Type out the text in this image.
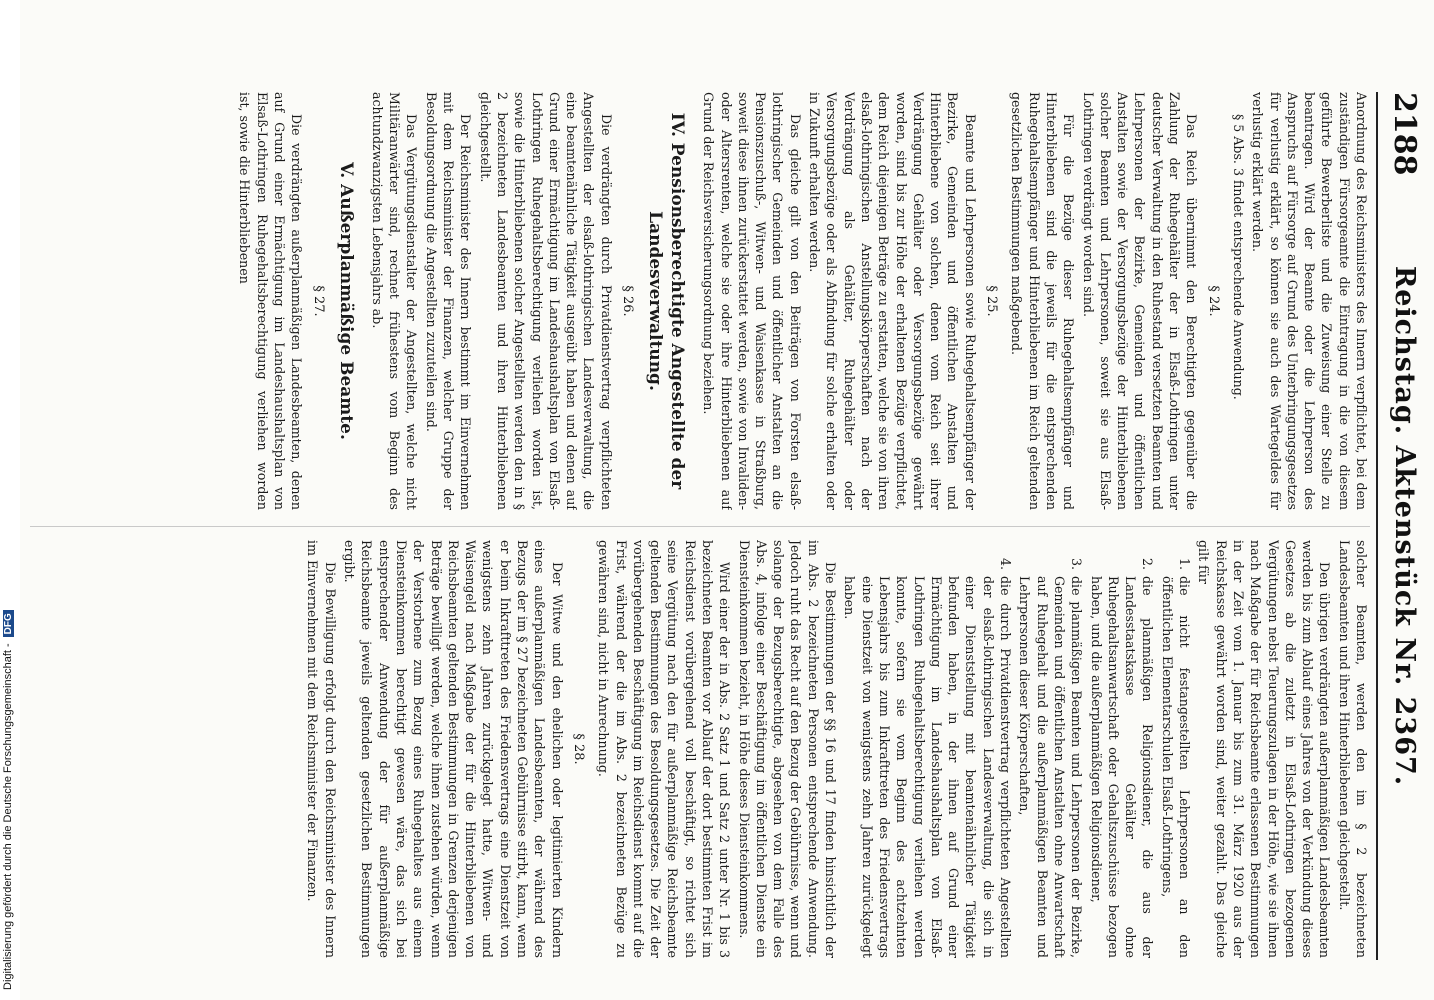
2188
Reichstag. Aktenstück Nr. 2367.

Anordnung des Reichsministers des Innern verpflichtet, bei dem zuständigen Fürsorgeamte die Eintragung in die von diesem geführte Bewerberliste und die Zuweisung einer Stelle zu beantragen. Wird der Beamte oder die Lehrperson des Anspruchs auf Fürsorge auf Grund des Unterbringungsgesetzes für verlustig erklärt, so können sie auch des Wartegeldes für verlustig erklärt werden.

§ 5 Abs. 3 findet entsprechende Anwendung.

§ 24.

Das Reich übernimmt den Berechtigten gegenüber die Zahlung der Ruhegehälter der in Elsaß-Lothringen unter deutscher Verwaltung in den Ruhestand versetzten Beamten und Lehrpersonen der Bezirke, Gemeinden und öffentlichen Anstalten sowie der Versorgungsbezüge der Hinterbliebenen solcher Beamten und Lehrpersonen, soweit sie aus Elsaß-Lothringen verdrängt worden sind.

Für die Bezüge dieser Ruhegehaltsempfänger und Hinterbliebenen sind die jeweils für die entsprechenden Ruhegehaltsempfänger und Hinterbliebenen im Reich geltenden gesetzlichen Bestimmungen maßgebend.

§ 25.

Beamte und Lehrpersonen sowie Ruhegehaltsempfänger der Bezirke, Gemeinden und öffentlichen Anstalten und Hinterbliebene von solchen, denen vom Reich seit ihrer Verdrängung Gehälter oder Versorgungsbezüge gewährt worden, sind bis zur Höhe der erhaltenen Bezüge verpflichtet, dem Reich diejenigen Beträge zu erstatten, welche sie von ihren elsaß-lothringischen Anstellungskörperschaften nach der Verdrängung als Gehälter, Ruhegehälter oder Versorgungsbezüge oder als Abfindung für solche erhalten oder in Zukunft erhalten werden.

Das gleiche gilt von den Beiträgen von Forsten elsaß-lothringischer Gemeinden und öffentlicher Anstalten an die Pensionszuschuß-, Witwen- und Waisenkasse in Straßburg, soweit diese ihnen zurückerstattet werden, sowie von Invaliden- oder Altersrenten, welche sie oder ihre Hinterbliebenen auf Grund der Reichsversicherungsordnung beziehen.

IV. Pensionsberechtigte Angestellte der Landesverwaltung.
§ 26.

Die verdrängten durch Privatdienstvertrag verpflichteten Angestellten der elsaß-lothringischen Landesverwaltung, die eine beamtenähnliche Tätigkeit ausgeübt haben und denen auf Grund einer Ermächtigung im Landeshaushaltsplan von Elsaß-Lothringen Ruhegehaltsberechtigung verliehen worden ist, sowie die Hinterbliebenen solcher Angestellten werden den in § 2 bezeichneten Landesbeamten und ihren Hinterbliebenen gleichgestellt.

Der Reichsminister des Innern bestimmt im Einvernehmen mit dem Reichsminister der Finanzen, welcher Gruppe der Besoldungsordnung die Angestellten zuzuteilen sind.

Das Vergütungsdienstalter der Angestellten, welche nicht Militäranwärter sind, rechnet frühestens vom Beginn des achtundzwanzigsten Lebensjahrs ab.

V. Außerplanmäßige Beamte.
§ 27.

Die verdrängten außerplanmäßigen Landesbeamten, denen auf Grund einer Ermächtigung im Landeshaushaltsplan von Elsaß-Lothringen Ruhegehaltsberechtigung verliehen worden ist, sowie die Hinterbliebenen

solcher Beamten, werden den im § 2 bezeichneten Landesbeamten und ihren Hinterbliebenen gleichgestellt.

Den übrigen verdrängten außerplanmäßigen Landesbeamten werden bis zum Ablauf eines Jahres von der Verkündung dieses Gesetzes ab die zuletzt in Elsaß-Lothringen bezogenen Vergütungen nebst Teuerungszulagen in der Höhe, wie sie ihnen nach Maßgabe der für Reichsbeamte erlassenen Bestimmungen in der Zeit vom 1. Januar bis zum 31. März 1920 aus der Reichskasse gewährt worden sind, weiter gezahlt. Das gleiche gilt für

1. die nicht festangestellten Lehrpersonen an den öffentlichen Elementarschulen Elsaß-Lothringens,
2. die planmäßigen Religionsdiener, die aus der Landesstaatskasse Gehälter ohne Ruhegehaltsanwartschaft oder Gehaltszuschüsse bezogen haben, und die außerplanmäßigen Religionsdiener,
3. die planmäßigen Beamten und Lehrpersonen der Bezirke, Gemeinden und öffentlichen Anstalten ohne Anwartschaft auf Ruhegehalt und die außerplanmäßigen Beamten und Lehrpersonen dieser Körperschaften,
4. die durch Privatdienstvertrag verpflichteten Angestellten der elsaß-lothringischen Landesverwaltung, die sich in einer Dienststellung mit beamtenähnlicher Tätigkeit befunden haben, in der ihnen auf Grund einer Ermächtigung im Landeshaushaltsplan von Elsaß-Lothringen Ruhegehaltsberechtigung verliehen werden konnte, sofern sie vom Beginn des achtzehnten Lebensjahrs bis zum Inkrafttreten des Friedensvertrags eine Dienstzeit von wenigstens zehn Jahren zurückgelegt haben.

Die Bestimmungen der §§ 16 und 17 finden hinsichtlich der im Abs. 2 bezeichneten Personen entsprechende Anwendung. Jedoch ruht das Recht auf den Bezug der Gebührnisse, wenn und solange der Bezugsberechtigte, abgesehen von dem Falle des Abs. 4, infolge einer Beschäftigung im öffentlichen Dienste ein Diensteinkommen bezieht, in Höhe dieses Diensteinkommens.

Wird einer der in Abs. 2 Satz 1 und Satz 2 unter Nr. 1 bis 3 bezeichneten Beamten vor Ablauf der dort bestimmten Frist im Reichsdienst vorübergehend voll beschäftigt, so richtet sich seine Vergütung nach den für außerplanmäßige Reichsbeamte geltenden Bestimmungen des Besoldungsgesetzes. Die Zeit der vorübergehenden Beschäftigung im Reichsdienst kommt auf die Frist, während der die im Abs. 2 bezeichneten Bezüge zu gewähren sind, nicht in Anrechnung.

§ 28.

Der Witwe und den ehelichen oder legitimierten Kindern eines außerplanmäßigen Landesbeamten, der während des Bezugs der im § 27 bezeichneten Gebührnisse stirbt, kann, wenn er beim Inkrafttreten des Friedensvertrags eine Dienstzeit von wenigstens zehn Jahren zurückgelegt hatte, Witwen- und Waisengeld nach Maßgabe der für die Hinterbliebenen von Reichsbeamten geltenden Bestimmungen in Grenzen derjenigen Beträge bewilligt werden, welche ihnen zustehen würden, wenn der Verstorbene zum Bezug eines Ruhegehaltes aus einem Diensteinkommen berechtigt gewesen wäre, das sich bei entsprechender Anwendung der für außerplanmäßige Reichsbeamte jeweils geltenden gesetzlichen Bestimmungen ergibt.

Die Bewilligung erfolgt durch den Reichsminister des Innern im Einvernehmen mit dem Reichsminister der Finanzen.

Digitalisierung gefördert durch die Deutsche Forschungsgemeinschaft -DFG
